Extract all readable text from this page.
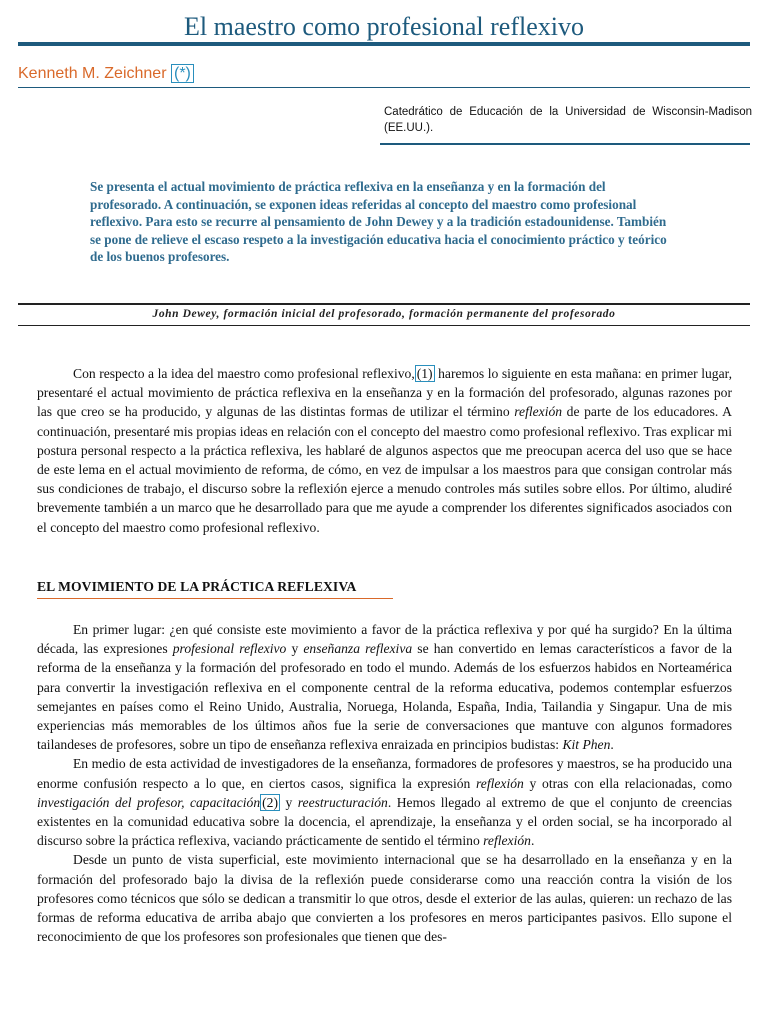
El maestro como profesional reflexivo
Kenneth M. Zeichner (*)
Catedrático de Educación de la Universidad de Wisconsin-Madison (EE.UU.).
Se presenta el actual movimiento de práctica reflexiva en la enseñanza y en la formación del profesorado. A continuación, se exponen ideas referidas al concepto del maestro como profesional reflexivo. Para esto se recurre al pensamiento de John Dewey y a la tradición estadounidense. También se pone de relieve el escaso respeto a la investigación educativa hacia el conocimiento práctico y teórico de los buenos profesores.
John Dewey, formación inicial del profesorado, formación permanente del profesorado

Con respecto a la idea del maestro como profesional reflexivo, (1) haremos lo siguiente en esta mañana: en primer lugar, presentaré el actual movimiento de práctica reflexiva en la enseñanza y en la formación del profesorado, algunas razones por las que creo se ha producido, y algunas de las distintas formas de utilizar el término reflexión de parte de los educadores. A continuación, presentaré mis propias ideas en relación con el concepto del maestro como profesional reflexivo. Tras explicar mi postura personal respecto a la práctica reflexiva, les hablaré de algunos aspectos que me preocupan acerca del uso que se hace de este lema en el actual movimiento de reforma, de cómo, en vez de impulsar a los maestros para que consigan controlar más sus condiciones de trabajo, el discurso sobre la reflexión ejerce a menudo controles más sutiles sobre ellos. Por último, aludiré brevemente también a un marco que he desarrollado para que me ayude a comprender los diferentes significados asociados con el concepto del maestro como profesional reflexivo.

EL MOVIMIENTO DE LA PRÁCTICA REFLEXIVA

En primer lugar: ¿en qué consiste este movimiento a favor de la práctica reflexiva y por qué ha surgido? En la última década, las expresiones profesional reflexivo y enseñanza reflexiva se han convertido en lemas característicos a favor de la reforma de la enseñanza y la formación del profesorado en todo el mundo. Además de los esfuerzos habidos en Norteamérica para convertir la investigación reflexiva en el componente central de la reforma educativa, podemos contemplar esfuerzos semejantes en países como el Reino Unido, Australia, Noruega, Holanda, España, India, Tailandia y Singapur. Una de mis experiencias más memorables de los últimos años fue la serie de conversaciones que mantuve con algunos formadores tailandeses de profesores, sobre un tipo de enseñanza reflexiva enraizada en principios budistas: Kit Phen.

En medio de esta actividad de investigadores de la enseñanza, formadores de profesores y maestros, se ha producido una enorme confusión respecto a lo que, en ciertos casos, significa la expresión reflexión y otras con ella relacionadas, como investigación del profesor, capacitación (2) y reestructuración. Hemos llegado al extremo de que el conjunto de creencias existentes en la comunidad educativa sobre la docencia, el aprendizaje, la enseñanza y el orden social, se ha incorporado al discurso sobre la práctica reflexiva, vaciando prácticamente de sentido el término reflexión.

Desde un punto de vista superficial, este movimiento internacional que se ha desarrollado en la enseñanza y en la formación del profesorado bajo la divisa de la reflexión puede considerarse como una reacción contra la visión de los profesores como técnicos que sólo se dedican a transmitir lo que otros, desde el exterior de las aulas, quieren: un rechazo de las formas de reforma educativa de arriba abajo que convierten a los profesores en meros participantes pasivos. Ello supone el reconocimiento de que los profesores son profesionales que tienen que des-
